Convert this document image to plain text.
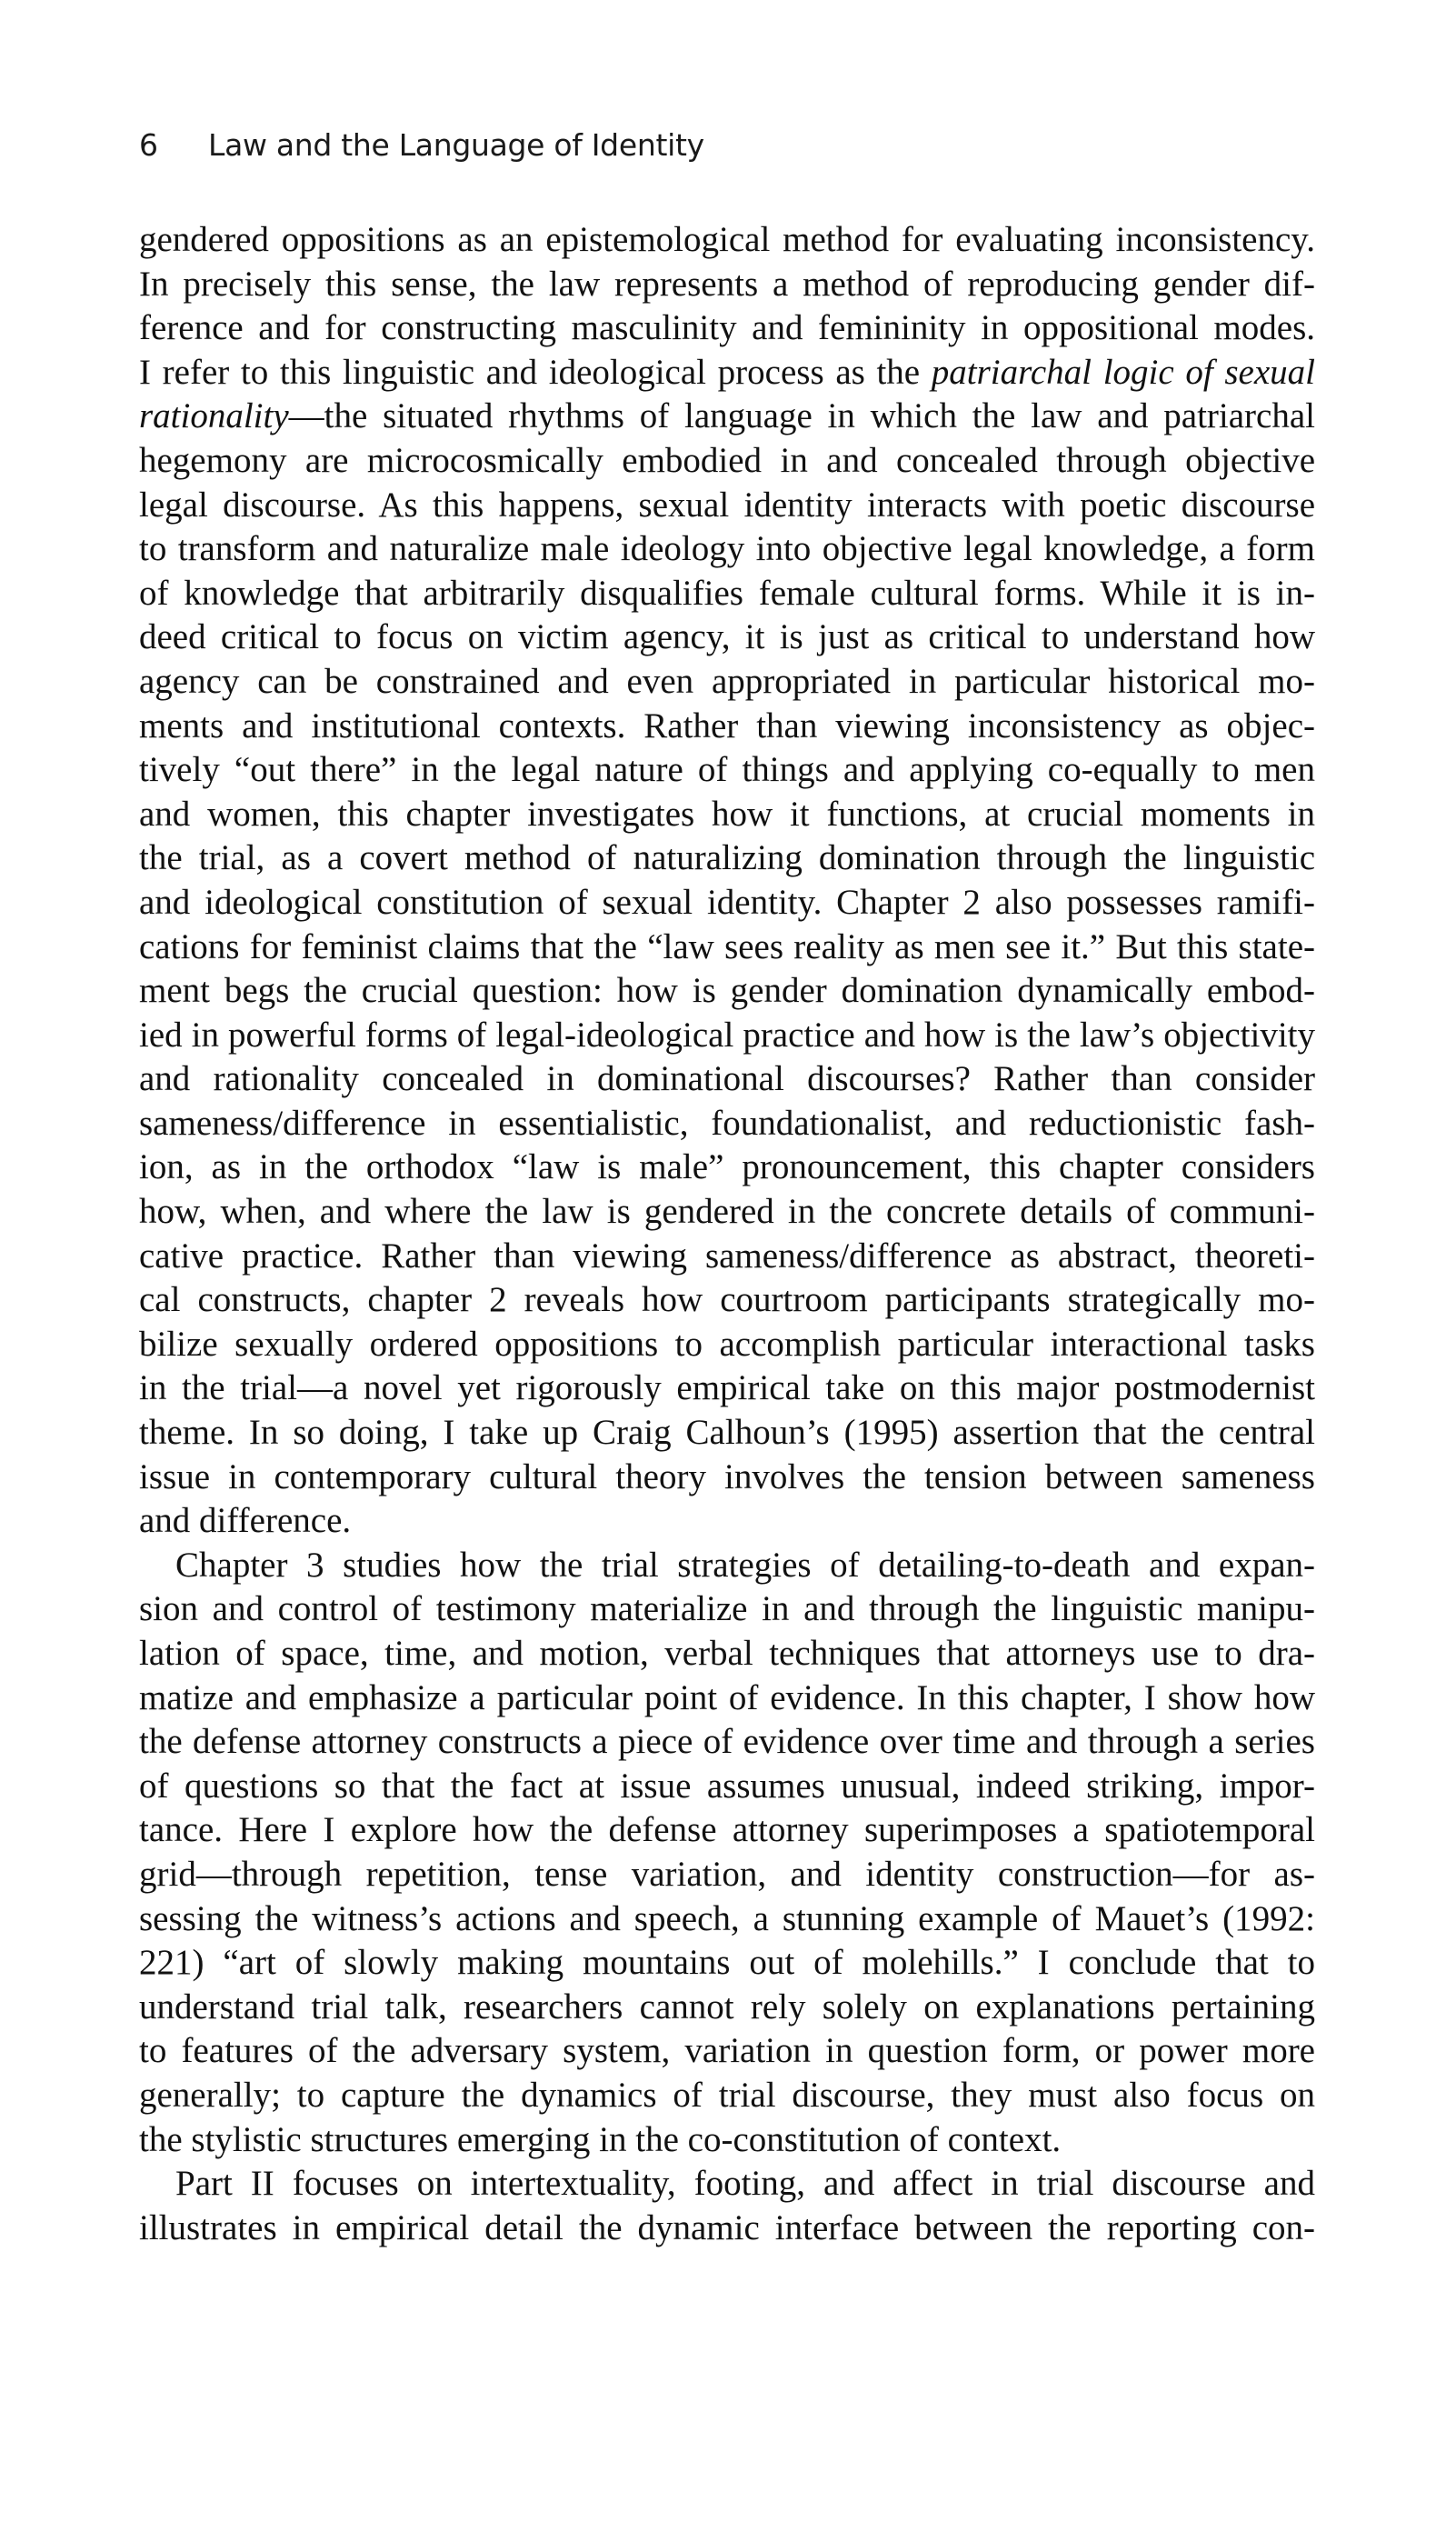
6 Law and the Language of Identity
gendered oppositions as an epistemological method for evaluating inconsistency.
In precisely this sense, the law represents a method of reproducing gender dif-
ference and for constructing masculinity and femininity in oppositional modes.
I refer to this linguistic and ideological process as the patriarchal logic of sexual
rationality—the situated rhythms of language in which the law and patriarchal
hegemony are microcosmically embodied in and concealed through objective
legal discourse. As this happens, sexual identity interacts with poetic discourse
to transform and naturalize male ideology into objective legal knowledge, a form
of knowledge that arbitrarily disqualifies female cultural forms. While it is in-
deed critical to focus on victim agency, it is just as critical to understand how
agency can be constrained and even appropriated in particular historical mo-
ments and institutional contexts. Rather than viewing inconsistency as objec-
tively “out there” in the legal nature of things and applying co-equally to men
and women, this chapter investigates how it functions, at crucial moments in
the trial, as a covert method of naturalizing domination through the linguistic
and ideological constitution of sexual identity. Chapter 2 also possesses ramifi-
cations for feminist claims that the “law sees reality as men see it.” But this state-
ment begs the crucial question: how is gender domination dynamically embod-
ied in powerful forms of legal-ideological practice and how is the law’s objectivity
and rationality concealed in dominational discourses? Rather than consider
sameness/difference in essentialistic, foundationalist, and reductionistic fash-
ion, as in the orthodox “law is male” pronouncement, this chapter considers
how, when, and where the law is gendered in the concrete details of communi-
cative practice. Rather than viewing sameness/difference as abstract, theoreti-
cal constructs, chapter 2 reveals how courtroom participants strategically mo-
bilize sexually ordered oppositions to accomplish particular interactional tasks
in the trial—a novel yet rigorously empirical take on this major postmodernist
theme. In so doing, I take up Craig Calhoun’s (1995) assertion that the central
issue in contemporary cultural theory involves the tension between sameness
and difference.
Chapter 3 studies how the trial strategies of detailing-to-death and expan-
sion and control of testimony materialize in and through the linguistic manipu-
lation of space, time, and motion, verbal techniques that attorneys use to dra-
matize and emphasize a particular point of evidence. In this chapter, I show how
the defense attorney constructs a piece of evidence over time and through a series
of questions so that the fact at issue assumes unusual, indeed striking, impor-
tance. Here I explore how the defense attorney superimposes a spatiotemporal
grid—through repetition, tense variation, and identity construction—for as-
sessing the witness’s actions and speech, a stunning example of Mauet’s (1992:
221) “art of slowly making mountains out of molehills.” I conclude that to
understand trial talk, researchers cannot rely solely on explanations pertaining
to features of the adversary system, variation in question form, or power more
generally; to capture the dynamics of trial discourse, they must also focus on
the stylistic structures emerging in the co-constitution of context.
Part II focuses on intertextuality, footing, and affect in trial discourse and
illustrates in empirical detail the dynamic interface between the reporting con-
